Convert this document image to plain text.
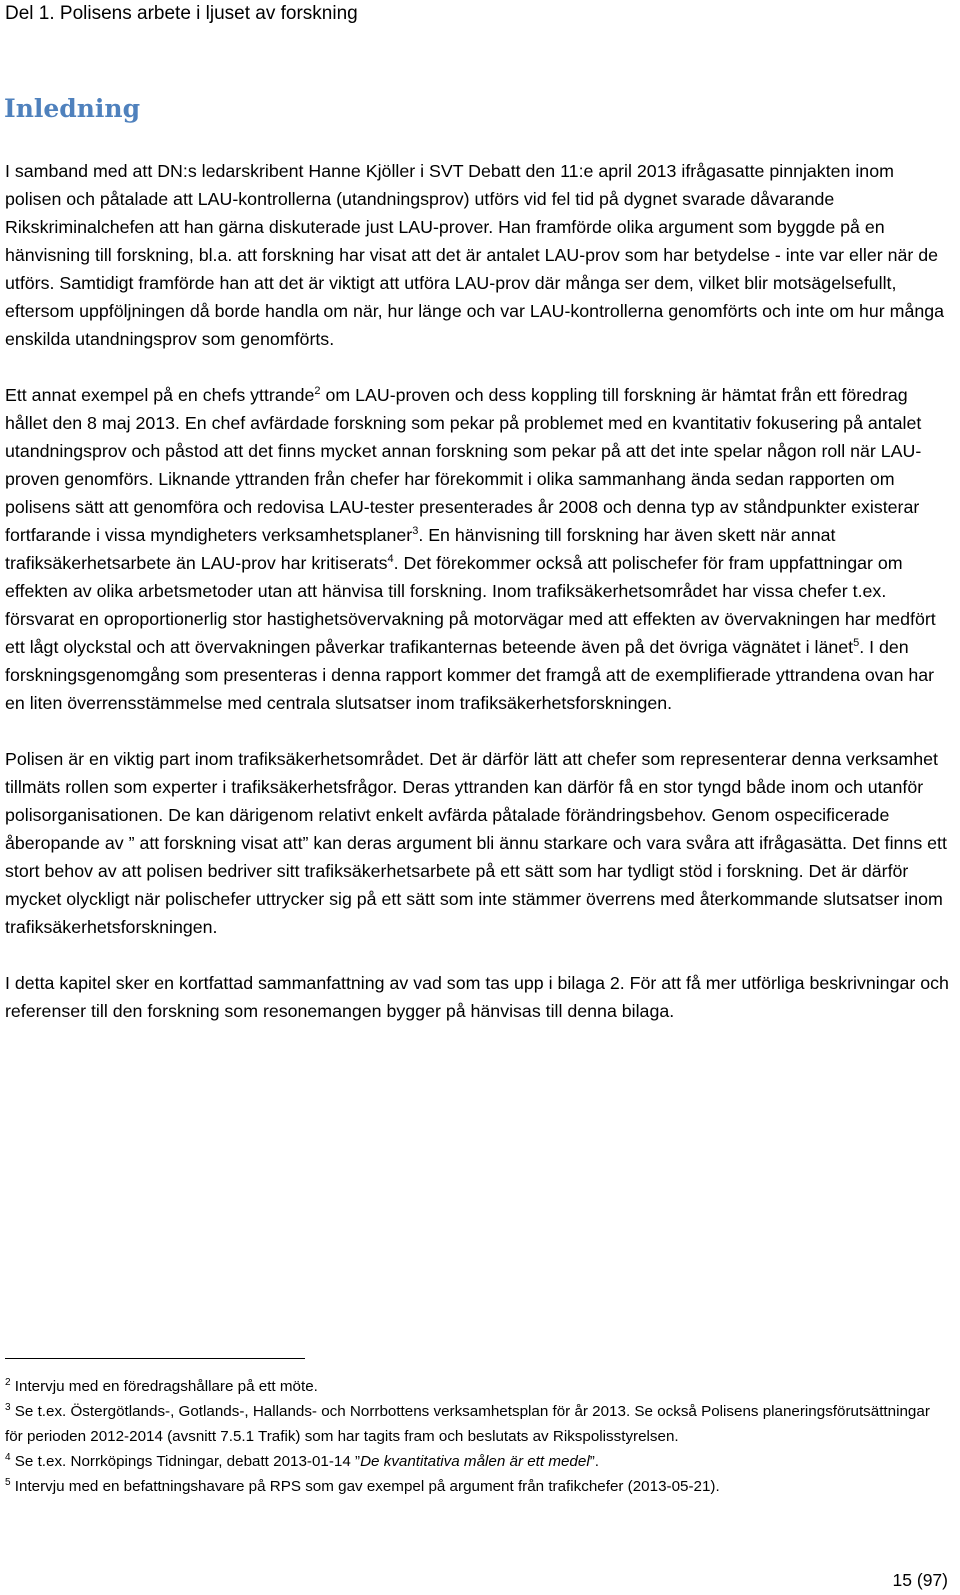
Del 1. Polisens arbete i ljuset av forskning
Inledning

I samband med att DN:s ledarskribent Hanne Kjöller i SVT Debatt den 11:e april 2013 ifrågasatte pinnjakten inom polisen och påtalade att LAU-kontrollerna (utandningsprov) utförs vid fel tid på dygnet svarade dåvarande Rikskriminalchefen att han gärna diskuterade just LAU-prover. Han framförde olika argument som byggde på en hänvisning till forskning, bl.a. att forskning har visat att det är antalet LAU-prov som har betydelse - inte var eller när de utförs. Samtidigt framförde han att det är viktigt att utföra LAU-prov där många ser dem, vilket blir motsägelsefullt, eftersom uppföljningen då borde handla om när, hur länge och var LAU-kontrollerna genomförts och inte om hur många enskilda utandningsprov som genomförts.

Ett annat exempel på en chefs yttrande$^2$ om LAU-proven och dess koppling till forskning är hämtat från ett föredrag hållet den 8 maj 2013. En chef avfärdade forskning som pekar på problemet med en kvantitativ fokusering på antalet utandningsprov och påstod att det finns mycket annan forskning som pekar på att det inte spelar någon roll när LAU-proven genomförs. Liknande yttranden från chefer har förekommit i olika sammanhang ända sedan rapporten om polisens sätt att genomföra och redovisa LAU-tester presenterades år 2008 och denna typ av ståndpunkter existerar fortfarande i vissa myndigheters verksamhetsplaner$^3$. En hänvisning till forskning har även skett när annat trafiksäkerhetsarbete än LAU-prov har kritiserats$^4$. Det förekommer också att polischefer för fram uppfattningar om effekten av olika arbetsmetoder utan att hänvisa till forskning. Inom trafiksäkerhetsområdet har vissa chefer t.ex. försvarat en oproportionerlig stor hastighetsövervakning på motorvägar med att effekten av övervakningen har medfört ett lågt olyckstal och att övervakningen påverkar trafikanternas beteende även på det övriga vägnätet i länet$^5$. I den forskningsgenomgång som presenteras i denna rapport kommer det framgå att de exemplifierade yttrandena ovan har en liten överrensstämmelse med centrala slutsatser inom trafiksäkerhetsforskningen.

Polisen är en viktig part inom trafiksäkerhetsområdet. Det är därför lätt att chefer som representerar denna verksamhet tillmäts rollen som experter i trafiksäkerhetsfrågor. Deras yttranden kan därför få en stor tyngd både inom och utanför polisorganisationen. De kan därigenom relativt enkelt avfärda påtalade förändringsbehov. Genom ospecificerade åberopande av ” att forskning visat att” kan deras argument bli ännu starkare och vara svåra att ifrågasätta. Det finns ett stort behov av att polisen bedriver sitt trafiksäkerhetsarbete på ett sätt som har tydligt stöd i forskning. Det är därför mycket olyckligt när polischefer uttrycker sig på ett sätt som inte stämmer överrens med återkommande slutsatser inom trafiksäkerhetsforskningen.

I detta kapitel sker en kortfattad sammanfattning av vad som tas upp i bilaga 2. För att få mer utförliga beskrivningar och referenser till den forskning som resonemangen bygger på hänvisas till denna bilaga.

$^2$ Intervju med en föredragshållare på ett möte.

$^3$ Se t.ex. Östergötlands-, Gotlands-, Hallands- och Norrbottens verksamhetsplan för år 2013. Se också Polisens planeringsförutsättningar för perioden 2012-2014 (avsnitt 7.5.1 Trafik) som har tagits fram och beslutats av Rikspolisstyrelsen.

$^4$ Se t.ex. Norrköpings Tidningar, debatt 2013-01-14 ”De kvantitativa målen är ett medel”.

$^5$ Intervju med en befattningshavare på RPS som gav exempel på argument från trafikchefer (2013-05-21).

15 (97)
